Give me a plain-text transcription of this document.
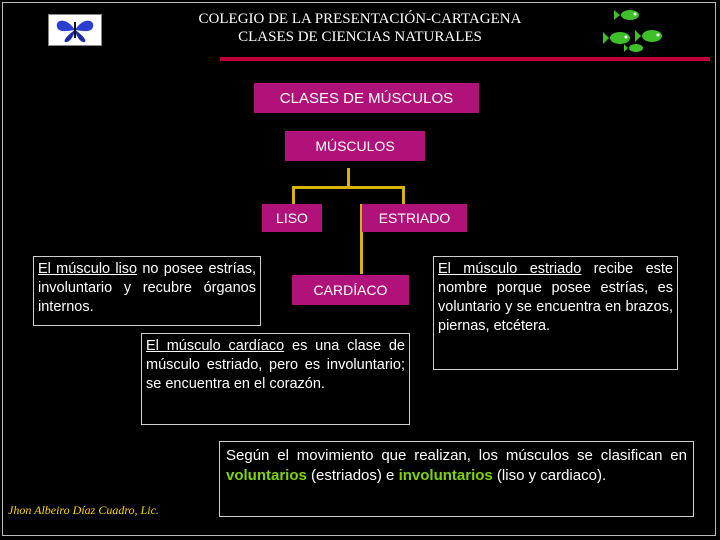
COLEGIO DE LA PRESENTACIÓN-CARTAGENA
CLASES DE CIENCIAS NATURALES
CLASES DE MÚSCULOS
MÚSCULOS
LISO	ESTRIADO
CARDÍACO
El músculo liso no posee estrías, involuntario y recubre órganos internos.
El músculo estriado recibe este nombre porque posee estrías, es voluntario y se encuentra en brazos, piernas, etcétera.
El músculo cardíaco es una clase de músculo estriado, pero es involuntario; se encuentra en el corazón.
Según el movimiento que realizan, los músculos se clasifican en voluntarios (estriados) e involuntarios (liso y cardiaco).
Jhon Albeiro Díaz Cuadro, Lic.
